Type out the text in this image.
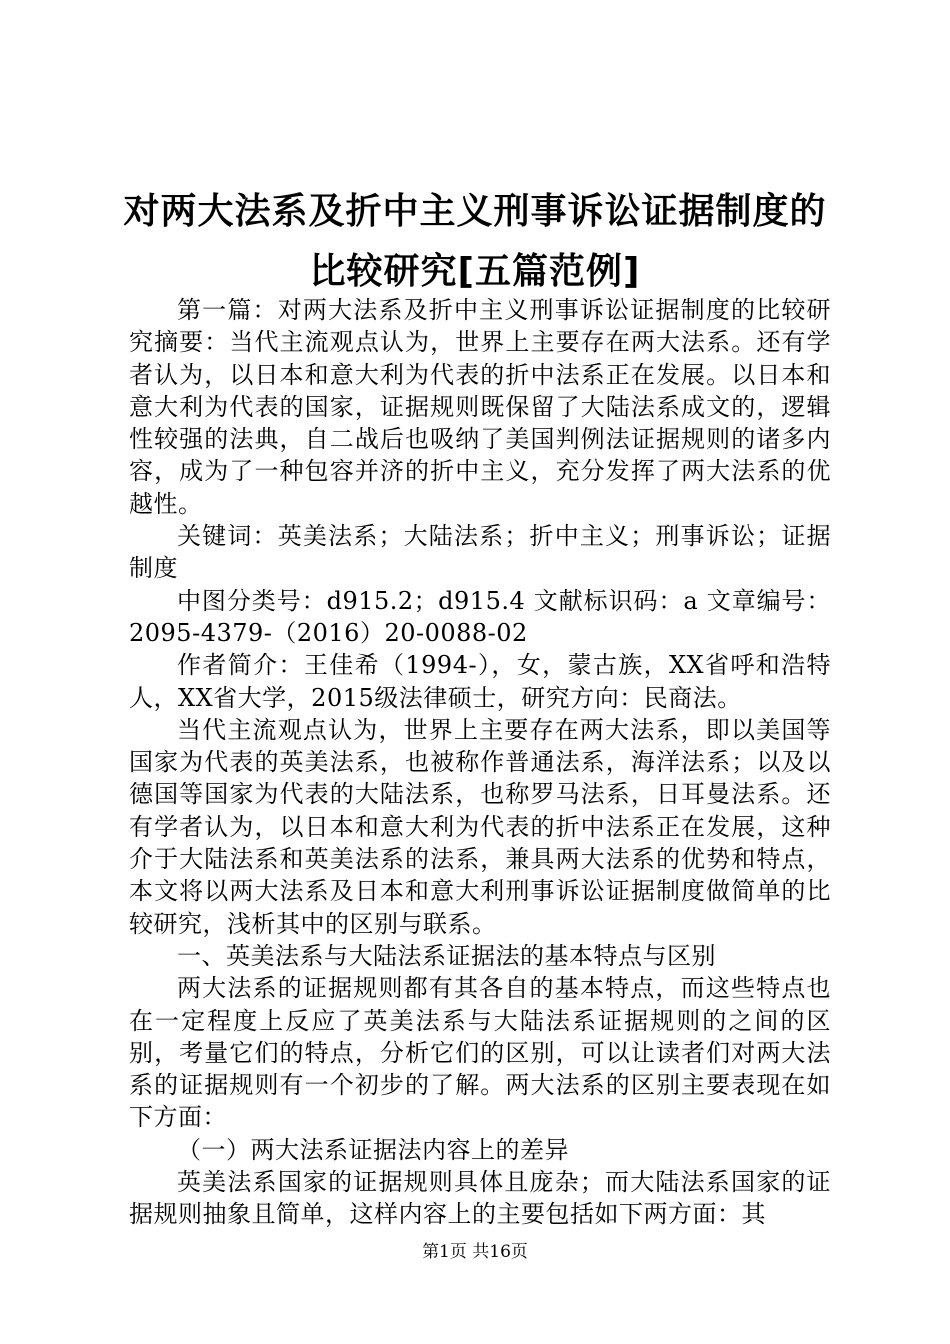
对两大法系及折中主义刑事诉讼证据制度的比较研究[五篇范例]

第一篇：对两大法系及折中主义刑事诉讼证据制度的比较研究摘要：当代主流观点认为，世界上主要存在两大法系。还有学者认为，以日本和意大利为代表的折中法系正在发展。以日本和意大利为代表的国家，证据规则既保留了大陆法系成文的，逻辑性较强的法典，自二战后也吸纳了美国判例法证据规则的诸多内容，成为了一种包容并济的折中主义，充分发挥了两大法系的优越性。

关键词：英美法系；大陆法系；折中主义；刑事诉讼；证据制度

中图分类号：d915.2；d915.4 文献标识码：a 文章编号：2095-4379-（2016）20-0088-02

作者简介：王佳希（1994-），女，蒙古族，XX省呼和浩特人，XX省大学，2015级法律硕士，研究方向：民商法。

当代主流观点认为，世界上主要存在两大法系，即以美国等国家为代表的英美法系，也被称作普通法系，海洋法系；以及以德国等国家为代表的大陆法系，也称罗马法系，日耳曼法系。还有学者认为，以日本和意大利为代表的折中法系正在发展，这种介于大陆法系和英美法系的法系，兼具两大法系的优势和特点，本文将以两大法系及日本和意大利刑事诉讼证据制度做简单的比较研究，浅析其中的区别与联系。

一、英美法系与大陆法系证据法的基本特点与区别

两大法系的证据规则都有其各自的基本特点，而这些特点也在一定程度上反应了英美法系与大陆法系证据规则的之间的区别，考量它们的特点，分析它们的区别，可以让读者们对两大法系的证据规则有一个初步的了解。两大法系的区别主要表现在如下方面：

（一）两大法系证据法内容上的差异

英美法系国家的证据规则具体且庞杂；而大陆法系国家的证据规则抽象且简单，这样内容上的主要包括如下两方面：其

第1页 共16页
